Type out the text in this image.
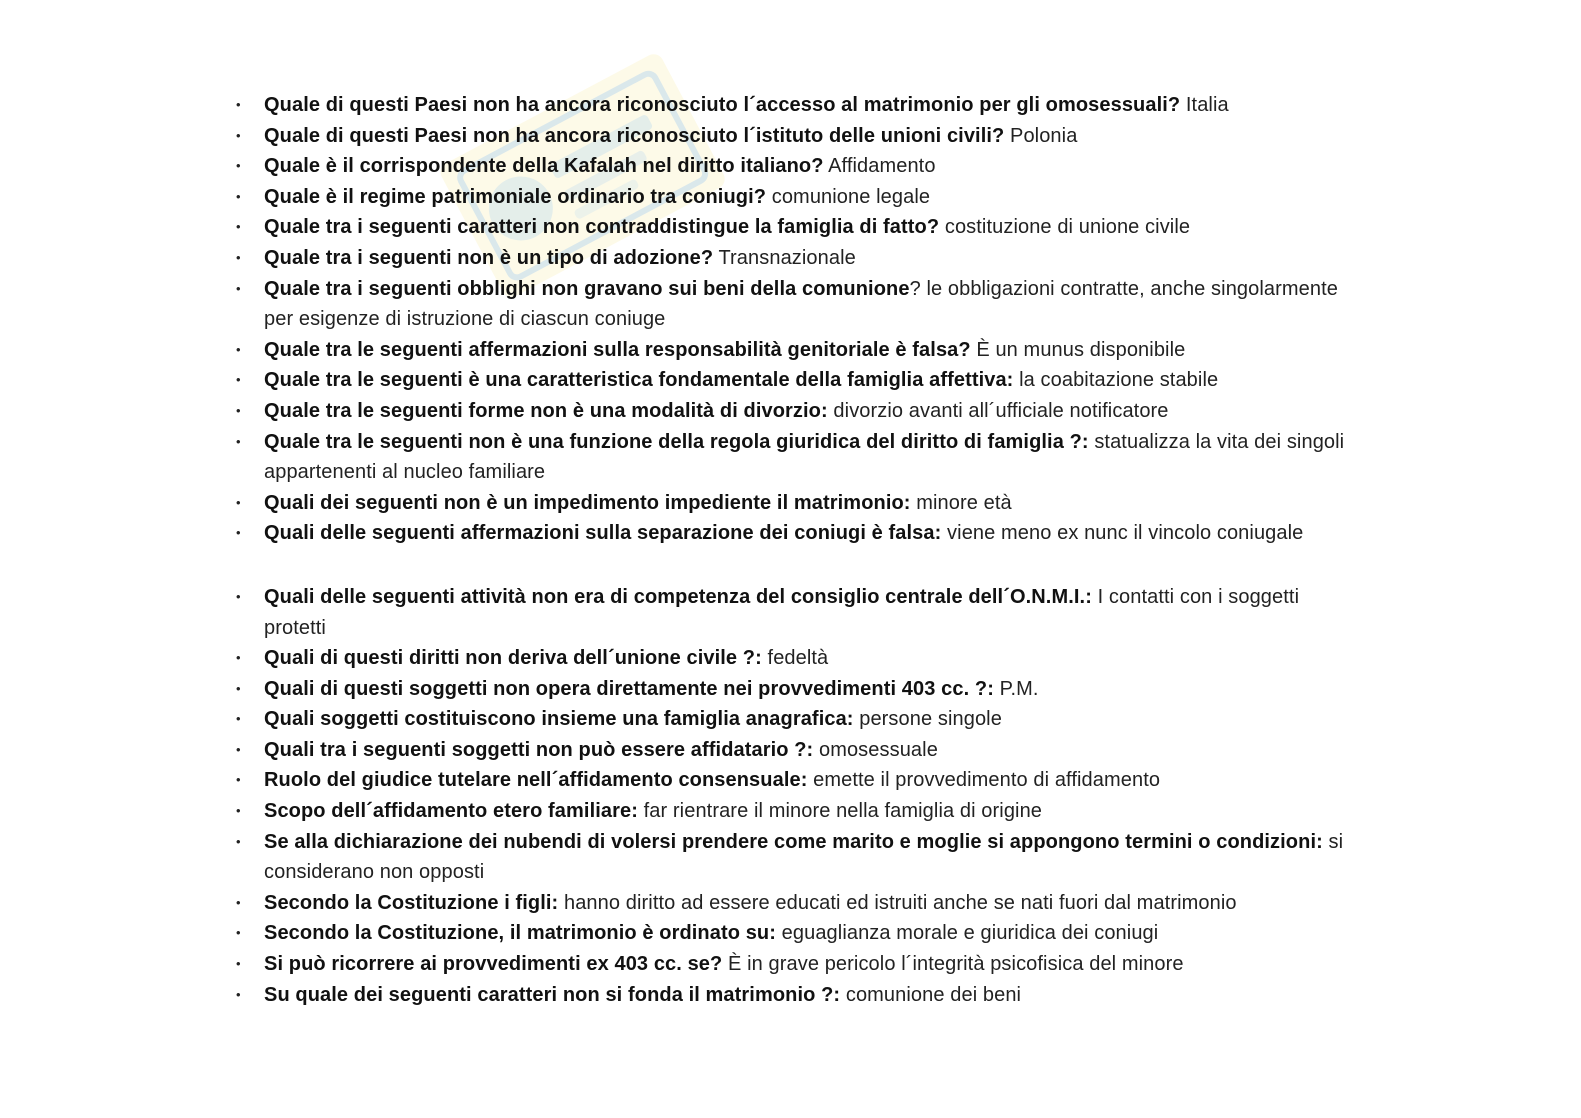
• Quale di questi Paesi non ha ancora riconosciuto l´accesso al matrimonio per gli omosessuali? Italia
• Quale di questi Paesi non ha ancora riconosciuto l´istituto delle unioni civili? Polonia
• Quale è il corrispondente della Kafalah nel diritto italiano? Affidamento
• Quale è il regime patrimoniale ordinario tra coniugi? comunione legale
• Quale tra i seguenti caratteri non contraddistingue la famiglia di fatto? costituzione di unione civile
• Quale tra i seguenti non è un tipo di adozione? Transnazionale
• Quale tra i seguenti obblighi non gravano sui beni della comunione? le obbligazioni contratte, anche singolarmente per esigenze di istruzione di ciascun coniuge
• Quale tra le seguenti affermazioni sulla responsabilità genitoriale è falsa? È un munus disponibile
• Quale tra le seguenti è una caratteristica fondamentale della famiglia affettiva: la coabitazione stabile
• Quale tra le seguenti forme non è una modalità di divorzio: divorzio avanti all´ufficiale notificatore
• Quale tra le seguenti non è una funzione della regola giuridica del diritto di famiglia ?: statualizza la vita dei singoli appartenenti al nucleo familiare
• Quali dei seguenti non è un impedimento impediente il matrimonio: minore età
• Quali delle seguenti affermazioni sulla separazione dei coniugi è falsa: viene meno ex nunc il vincolo coniugale
• Quali delle seguenti attività non era di competenza del consiglio centrale dell´O.N.M.I.: I contatti con i soggetti protetti
• Quali di questi diritti non deriva dell´unione civile ?: fedeltà
• Quali di questi soggetti non opera direttamente nei provvedimenti 403 cc. ?: P.M.
• Quali soggetti costituiscono insieme una famiglia anagrafica: persone singole
• Quali tra i seguenti soggetti non può essere affidatario ?: omosessuale
• Ruolo del giudice tutelare nell´affidamento consensuale: emette il provvedimento di affidamento
• Scopo dell´affidamento etero familiare: far rientrare il minore nella famiglia di origine
• Se alla dichiarazione dei nubendi di volersi prendere come marito e moglie si appongono termini o condizioni: si considerano non opposti
• Secondo la Costituzione i figli: hanno diritto ad essere educati ed istruiti anche se nati fuori dal matrimonio
• Secondo la Costituzione, il matrimonio è ordinato su: eguaglianza morale e giuridica dei coniugi
• Si può ricorrere ai provvedimenti ex 403 cc. se? È in grave pericolo l´integrità psicofisica del minore
• Su quale dei seguenti caratteri non si fonda il matrimonio ?: comunione dei beni
